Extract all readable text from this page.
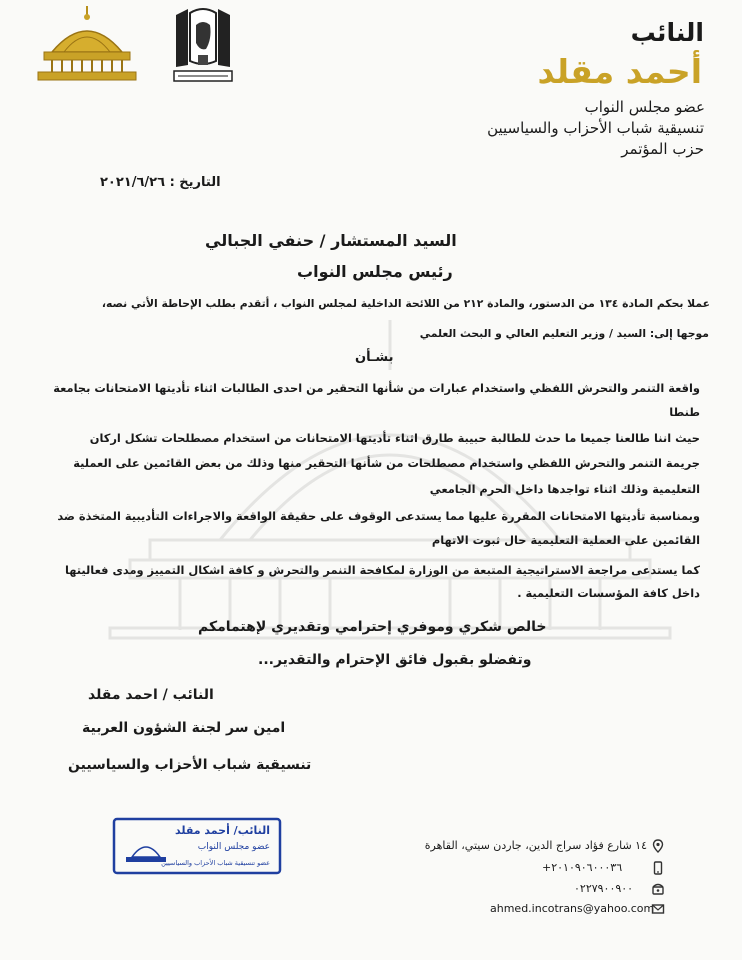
النائب
أحمد مقلد
عضو مجلس النواب
تنسيقية شباب الأحزاب والسياسيين
حزب المؤتمر
التاريخ : ٢٠٢١/٦/٢٦
السيد المستشار / حنفي الجبالي
رئيس مجلس النواب
عملا بحكم المادة ١٣٤ من الدستور، والمادة ٢١٢ من اللائحة الداخلية لمجلس النواب ، أتقدم بطلب الإحاطة الأتي نصه،
موجها إلى: السيد / وزير التعليم العالي و البحث العلمي
بشـأن
واقعة التنمر والتحرش اللفظي واستخدام عبارات من شأنها التحقير من احدى الطالبات اثناء تأديتها الامتحانات بجامعة
طنطا
حيث اننا طالعنا جميعا ما حدث للطالبة حبيبة طارق اثناء تأديتها الامتحانات من استخدام مصطلحات تشكل اركان
جريمة التنمر والتحرش اللفظي واستخدام مصطلحات من شأنها التحقير منها وذلك من بعض القائمين على العملية
التعليمية وذلك اثناء تواجدها داخل الحرم الجامعي
وبمناسبة تأديتها الامتحانات المقررة عليها مما يستدعى الوقوف على حقيقة الواقعة والاجراءات التأديبية المتخذة ضد
القائمين على العملية التعليمية حال ثبوت الاتهام
كما يستدعى مراجعة الاستراتيجية المتبعة من الوزارة لمكافحة التنمر والتحرش و كافة اشكال التمييز ومدى فعاليتها
داخل كافة المؤسسات التعليمية .
خالص شكري وموفري إحترامي وتقديري لإهتمامكم
وتفضلو بقبول فائق الإحترام والتقدير...
النائب / احمد مقلد
امين سر لجنة الشؤون العربية
تنسيقية شباب الأحزاب والسياسيين
النائب/ أحمد مقلد
عضو مجلس النواب
عضو تنسيقية شباب الأحزاب والسياسيين
١٤ شارع فؤاد سراج الدين، جاردن سيتي، القاهرة
+٢٠١٠٩٠٦٠٠٠٣٦
٠٢٢٧٩٠٠٩٠٠
ahmed.incotrans@yahoo.com
